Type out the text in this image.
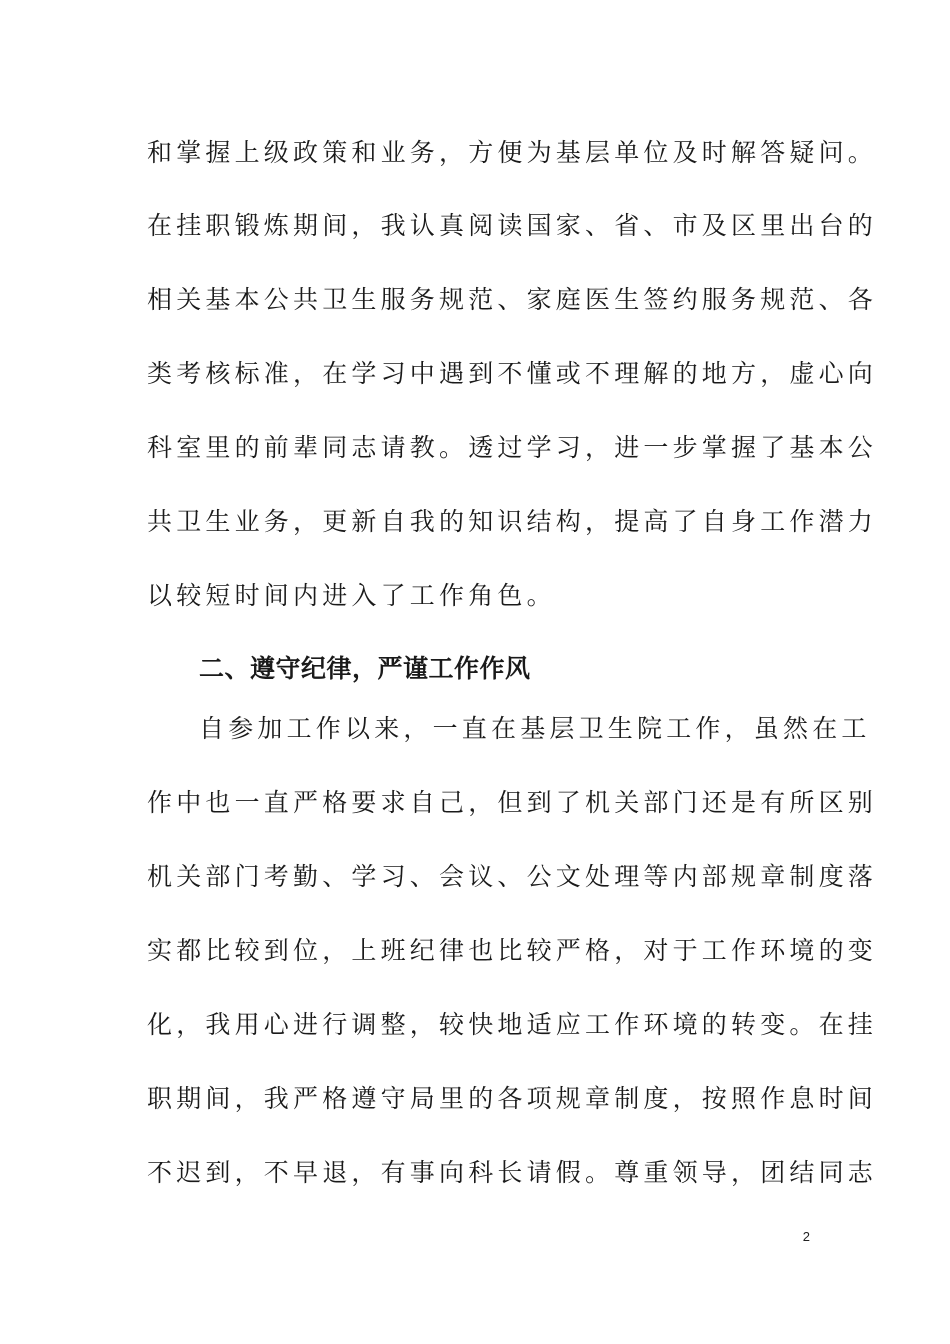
和掌握上级政策和业务，方便为基层单位及时解答疑问。
在挂职锻炼期间，我认真阅读国家、省、市及区里出台的
相关基本公共卫生服务规范、家庭医生签约服务规范、各
类考核标准，在学习中遇到不懂或不理解的地方，虚心向
科室里的前辈同志请教。透过学习，进一步掌握了基本公
共卫生业务，更新自我的知识结构，提高了自身工作潜力
以较短时间内进入了工作角色。
二、遵守纪律，严谨工作作风
自参加工作以来，一直在基层卫生院工作，虽然在工
作中也一直严格要求自己，但到了机关部门还是有所区别
机关部门考勤、学习、会议、公文处理等内部规章制度落
实都比较到位，上班纪律也比较严格，对于工作环境的变
化，我用心进行调整，较快地适应工作环境的转变。在挂
职期间，我严格遵守局里的各项规章制度，按照作息时间
不迟到，不早退，有事向科长请假。尊重领导，团结同志
2
